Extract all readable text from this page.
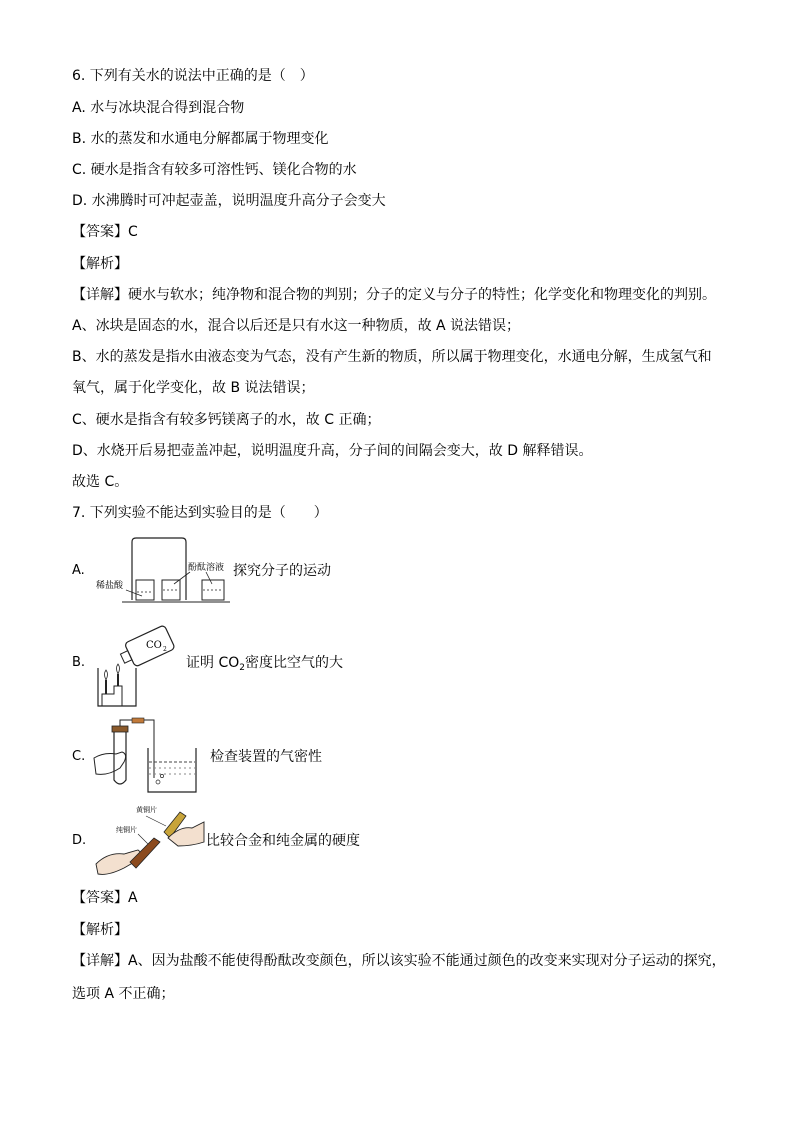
6. 下列有关水的说法中正确的是（　）
A. 水与冰块混合得到混合物
B. 水的蒸发和水通电分解都属于物理变化
C. 硬水是指含有较多可溶性钙、镁化合物的水
D. 水沸腾时可冲起壶盖，说明温度升高分子会变大
【答案】C
【解析】
【详解】硬水与软水；纯净物和混合物的判别；分子的定义与分子的特性；化学变化和物理变化的判别。
A、冰块是固态的水，混合以后还是只有水这一种物质，故 A 说法错误；
B、水的蒸发是指水由液态变为气态，没有产生新的物质，所以属于物理变化，水通电分解，生成氢气和
氧气，属于化学变化，故 B 说法错误；
C、硬水是指含有较多钙镁离子的水，故 C 正确；
D、水烧开后易把壶盖冲起，说明温度升高，分子间的间隔会变大，故 D 解释错误。
故选 C。
7. 下列实验不能达到实验目的是（　　）
A.	酚酞溶液
稀盐酸
探究分子的运动
B.
CO 2
证明 $CO_2$密度比空气的大
C.	检查装置的气密性
D.
黄铜片
纯铜片
比较合金和纯金属的硬度
【答案】A
【解析】
【详解】A、因为盐酸不能使得酚酞改变颜色，所以该实验不能通过颜色的改变来实现对分子运动的探究，
选项 A 不正确；
